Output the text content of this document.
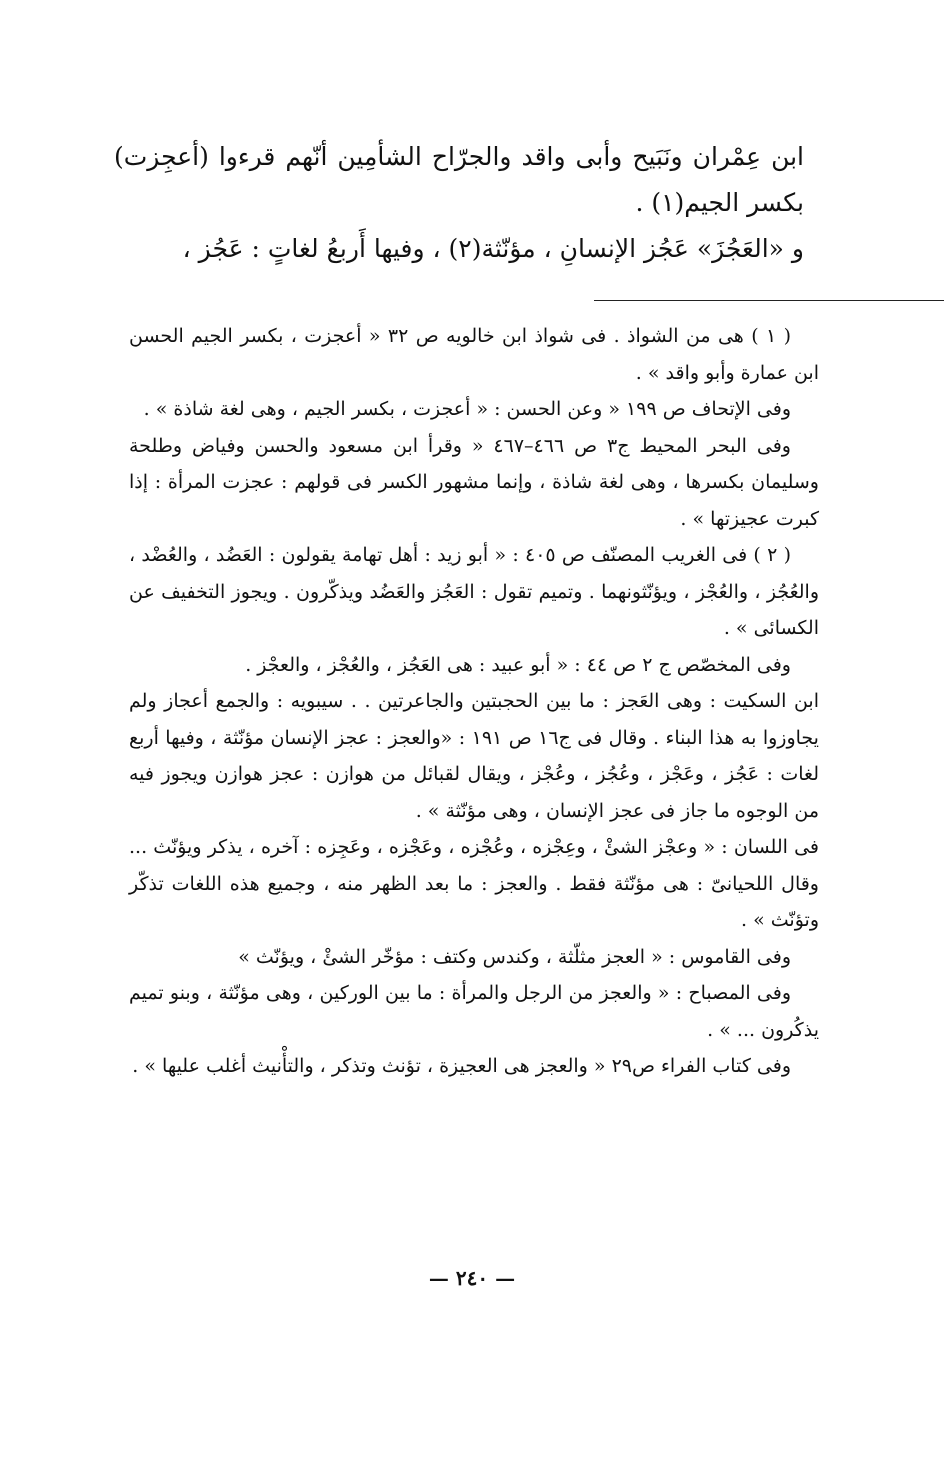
ابن عِمْران ونَبَيح وأبى واقد والجرّاح الشأمِين أنّهم قرءوا (أعجِزت) بكسر الجيم(١) .

و «العَجُزَ» عَجُز الإنسانِ ، مؤنّثة(٢) ، وفيها أَربعُ لغاتٍ : عَجُز ،

( ١ ) هى من الشواذ . فى شواذ ابن خالويه ص ٣٢ « أعجزت ، بكسر الجيم الحسن ابن عمارة وأبو واقد » .

وفى الإتحاف ص ١٩٩ « وعن الحسن : « أعجزت ، بكسر الجيم ، وهى لغة شاذة » .

وفى البحر المحيط ج٣ ص ٤٦٦–٤٦٧ « وقرأ ابن مسعود والحسن وفياض وطلحة وسليمان بكسرها ، وهى لغة شاذة ، وإنما مشهور الكسر فى قولهم : عجزت المرأة : إذا كبرت عجيزتها » .

( ٢ ) فى الغريب المصنّف ص ٤٠٥ : « أبو زيد : أهل تهامة يقولون : العَضُد ، والعُضْد ، والعُجُز ، والعُجْز ، ويؤنّثونهما . وتميم تقول : العَجُز والعَضُد ويذكّرون . ويجوز التخفيف عن الكسائى » .

وفى المخصّص ج ٢ ص ٤٤ : « أبو عبيد : هى العَجُز ، والعُجْز ، والعجْز .

ابن السكيت : وهى العَجز : ما بين الحجبتين والجاعرتين . . سيبويه : والجمع أعجاز ولم يجاوزوا به هذا البناء . وقال فى ج١٦ ص ١٩١ : «والعجز : عجز الإنسان مؤنّثة ، وفيها أربع لغات : عَجُز ، وعَجْز ، وعُجُز ، وعُجْز ، ويقال لقبائل من هوازن : عجز هوازن ويجوز فيه من الوجوه ما جاز فى عجز الإنسان ، وهى مؤنّثة » .

فى اللسان : « وعجْز الشئْ ، وعِجْزه ، وعُجْزه ، وعَجْزه ، وعَجِزه : آخره ، يذكر ويؤنّث ... وقال اللحيانىّ : هى مؤنّثة فقط . والعجز : ما بعد الظهر منه ، وجميع هذه اللغات تذكّر وتؤنّث » .

وفى القاموس : « العجز مثلّثة ، وكندس وكتف : مؤخّر الشئْ ، ويؤنّث »

وفى المصباح : « والعجز من الرجل والمرأة : ما بين الوركين ، وهى مؤنّثة ، وبنو تميم يذكُرون ... » .

وفى كتاب الفراء ص٢٩ « والعجز هى العجيزة ، تؤنث وتذكر ، والتأْنيث أغلب عليها » .

— ٢٤٠ —
